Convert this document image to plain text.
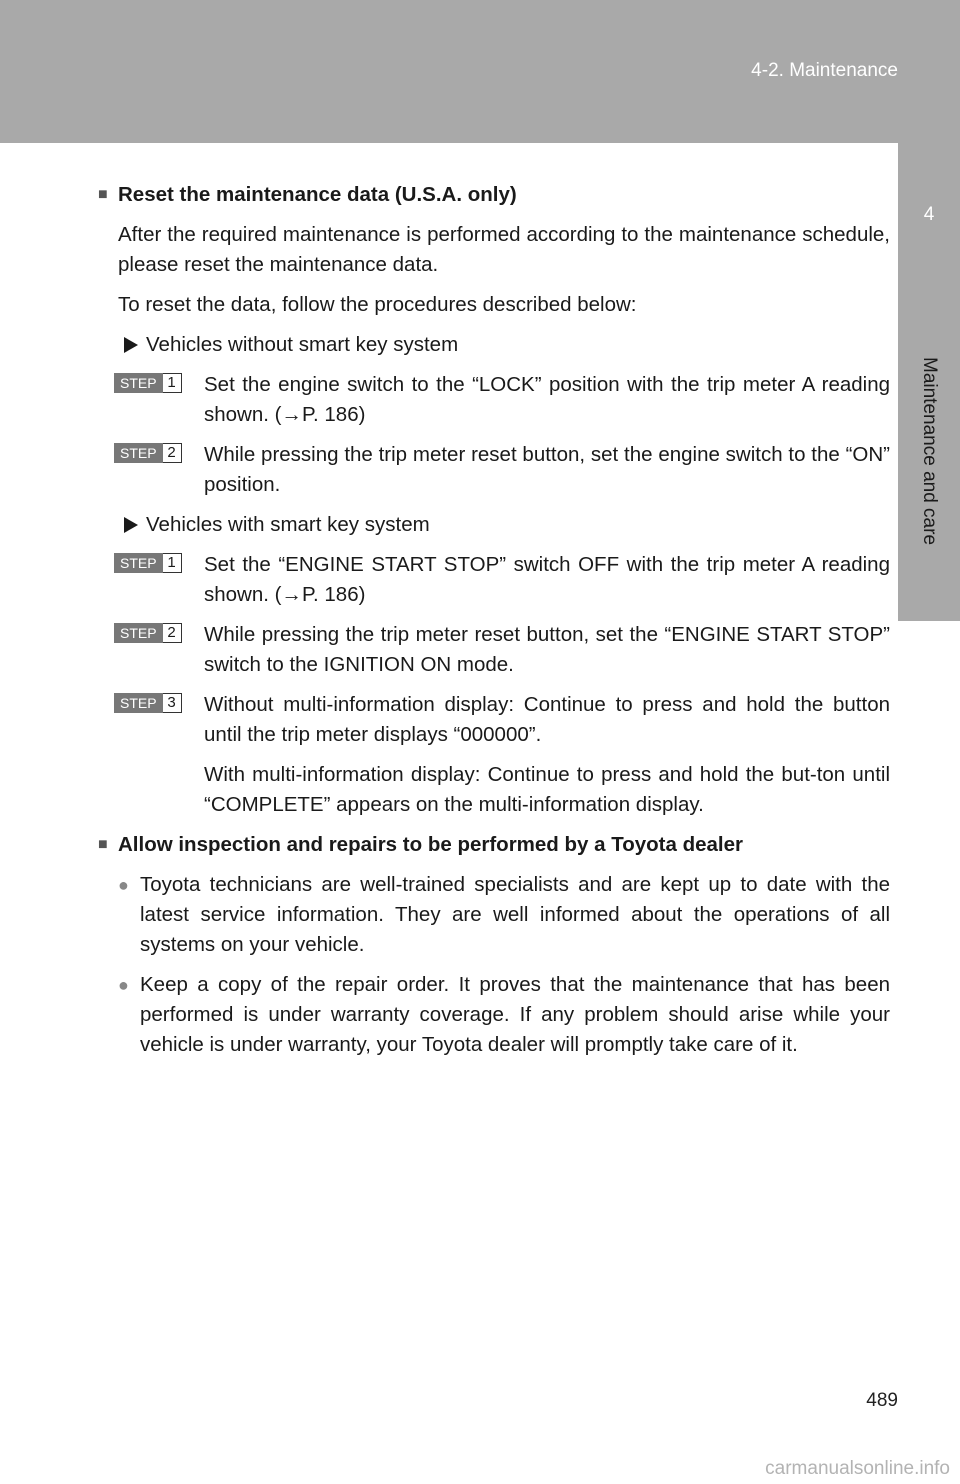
4-2. Maintenance
4
Maintenance and care
■ Reset the maintenance data (U.S.A. only)

After the required maintenance is performed according to the maintenance schedule, please reset the maintenance data.

To reset the data, follow the procedures described below:

Vehicles without smart key system
STEP 1 Set the engine switch to the “LOCK” position with the trip meter A reading shown. (→P. 186)
STEP 2 While pressing the trip meter reset button, set the engine switch to the “ON” position.
Vehicles with smart key system
STEP 1 Set the “ENGINE START STOP” switch OFF with the trip meter A reading shown. (→P. 186)
STEP 2 While pressing the trip meter reset button, set the “ENGINE START STOP” switch to the IGNITION ON mode.
STEP 3 Without multi-information display: Continue to press and hold the button until the trip meter displays “000000”.
With multi-information display: Continue to press and hold the but-ton until “COMPLETE” appears on the multi-information display.
■ Allow inspection and repairs to be performed by a Toyota dealer
● Toyota technicians are well-trained specialists and are kept up to date with the latest service information. They are well informed about the operations of all systems on your vehicle.
● Keep a copy of the repair order. It proves that the maintenance that has been performed is under warranty coverage. If any problem should arise while your vehicle is under warranty, your Toyota dealer will promptly take care of it.
489
carmanualsonline.info
